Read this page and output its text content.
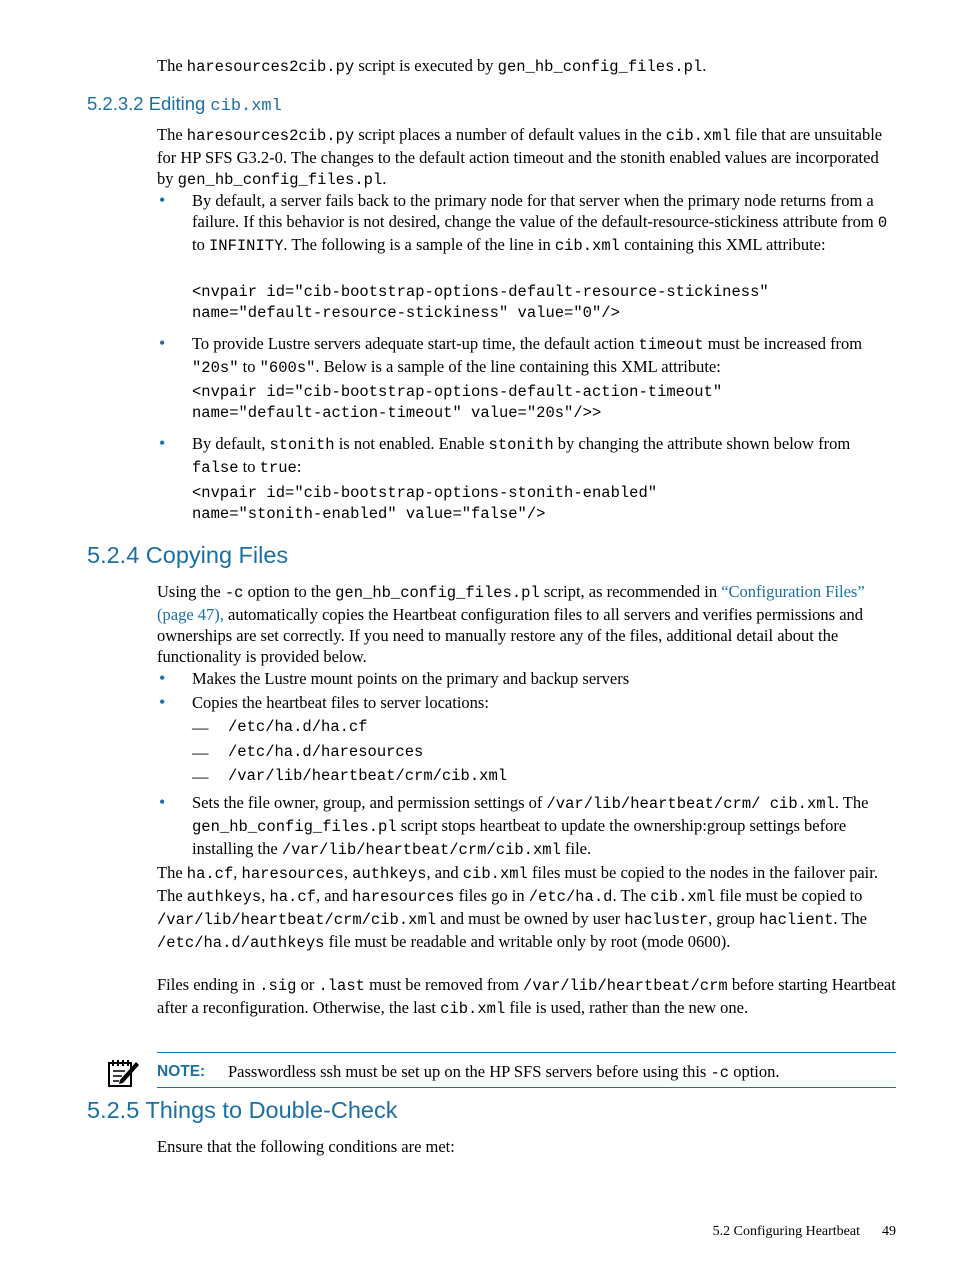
The haresources2cib.py script is executed by gen_hb_config_files.pl.

5.2.3.2 Editing cib.xml

The haresources2cib.py script places a number of default values in the cib.xml file that are unsuitable for HP SFS G3.2-0. The changes to the default action timeout and the stonith enabled values are incorporated by gen_hb_config_files.pl.

• By default, a server fails back to the primary node for that server when the primary node returns from a failure. If this behavior is not desired, change the value of the default-resource-stickiness attribute from 0 to INFINITY. The following is a sample of the line in cib.xml containing this XML attribute:
<nvpair id="cib-bootstrap-options-default-resource-stickiness"
name="default-resource-stickiness" value="0"/>
• To provide Lustre servers adequate start-up time, the default action timeout must be increased from "20s" to "600s". Below is a sample of the line containing this XML attribute:
<nvpair id="cib-bootstrap-options-default-action-timeout"
name="default-action-timeout" value="20s"/>>
• By default, stonith is not enabled. Enable stonith by changing the attribute shown below from false to true:
<nvpair id="cib-bootstrap-options-stonith-enabled"
name="stonith-enabled" value="false"/>
5.2.4 Copying Files

Using the -c option to the gen_hb_config_files.pl script, as recommended in “Configuration Files” (page 47), automatically copies the Heartbeat configuration files to all servers and verifies permissions and ownerships are set correctly. If you need to manually restore any of the files, additional detail about the functionality is provided below.

• Makes the Lustre mount points on the primary and backup servers
• Copies the heartbeat files to server locations:
— /etc/ha.d/ha.cf
— /etc/ha.d/haresources
— /var/lib/heartbeat/crm/cib.xml
• Sets the file owner, group, and permission settings of /var/lib/heartbeat/crm/ cib.xml. The gen_hb_config_files.pl script stops heartbeat to update the ownership:group settings before installing the /var/lib/heartbeat/crm/cib.xml file.

The ha.cf, haresources, authkeys, and cib.xml files must be copied to the nodes in the failover pair. The authkeys, ha.cf, and haresources files go in /etc/ha.d. The cib.xml file must be copied to /var/lib/heartbeat/crm/cib.xml and must be owned by user hacluster, group haclient. The /etc/ha.d/authkeys file must be readable and writable only by root (mode 0600).

Files ending in .sig or .last must be removed from /var/lib/heartbeat/crm before starting Heartbeat after a reconfiguration. Otherwise, the last cib.xml file is used, rather than the new one.

NOTE: Passwordless ssh must be set up on the HP SFS servers before using this -c option.
5.2.5 Things to Double-Check

Ensure that the following conditions are met:

5.2 Configuring Heartbeat 49
